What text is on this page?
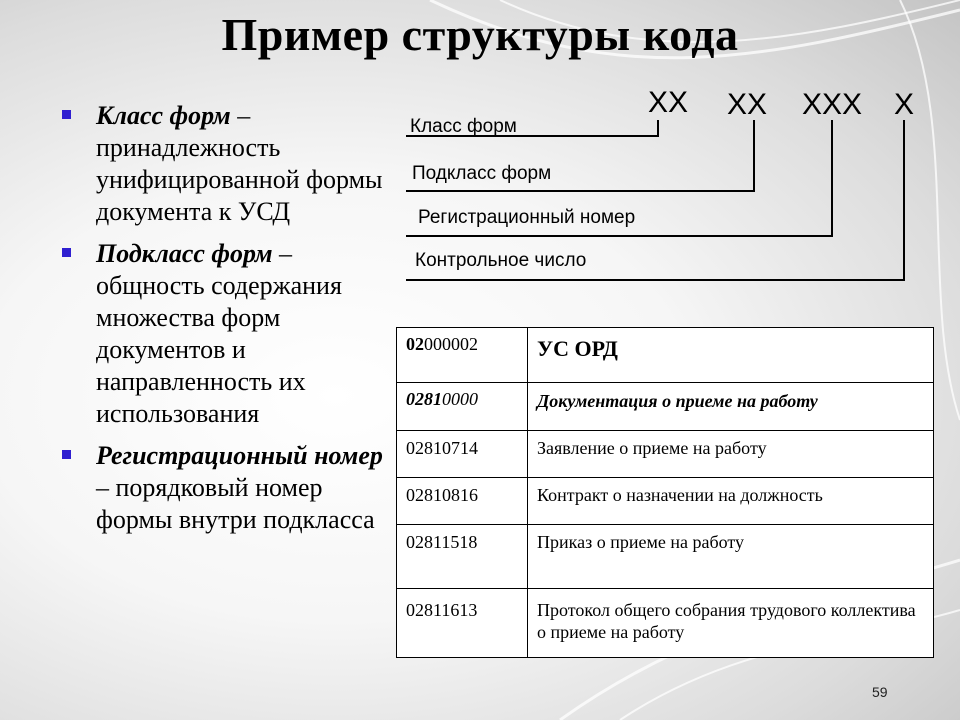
Пример структуры кода
Класс форм – принадлежность унифицированной формы документа к УСД
Подкласс форм – общность содержания множества форм документов и направленность их использования
Регистрационный номер – порядковый номер формы внутри подкласса
XX XX XXX X
Класс форм
Подкласс форм
Регистрационный номер
Контрольное число
02000002	УС ОРД
02810000	Документация о приеме на работу
02810714	Заявление о приеме на работу
02810816	Контракт о назначении на должность
02811518	Приказ о приеме на работу
02811613	Протокол общего собрания трудового коллектива о приеме на работу
59
